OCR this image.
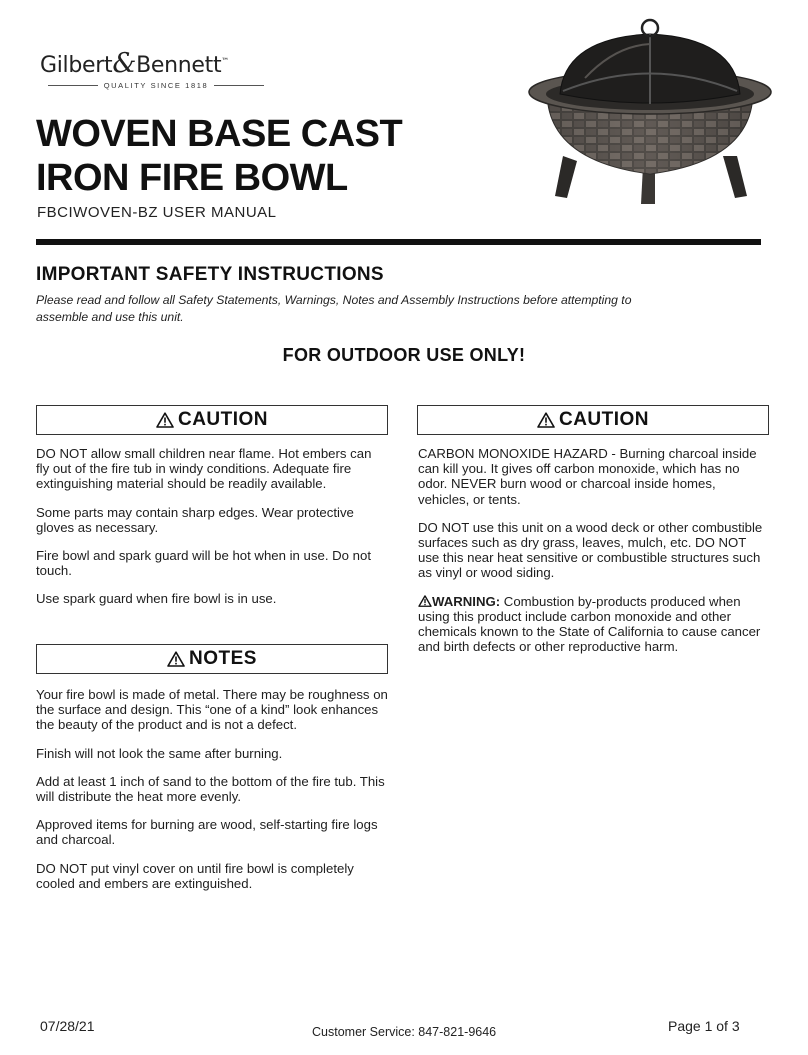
Gilbert&Bennett™
QUALITY SINCE 1818
WOVEN BASE CAST
IRON FIRE BOWL
FBCIWOVEN-BZ USER MANUAL
IMPORTANT SAFETY INSTRUCTIONS

Please read and follow all Safety Statements, Warnings, Notes and Assembly Instructions before attempting to assemble and use this unit.

FOR OUTDOOR USE ONLY!
CAUTION

DO NOT allow small children near flame. Hot embers can fly out of the fire tub in windy conditions. Adequate fire extinguishing material should be readily available.

Some parts may contain sharp edges. Wear protective gloves as necessary.

Fire bowl and spark guard will be hot when in use. Do not touch.

Use spark guard when fire bowl is in use.

NOTES

Your fire bowl is made of metal. There may be roughness on the surface and design. This “one of a kind” look enhances the beauty of the product and is not a defect.

Finish will not look the same after burning.

Add at least 1 inch of sand to the bottom of the fire tub. This will distribute the heat more evenly.

Approved items for burning are wood, self-starting fire logs and charcoal.

DO NOT put vinyl cover on until fire bowl is completely cooled and embers are extinguished.

CAUTION

CARBON MONOXIDE HAZARD - Burning charcoal inside can kill you. It gives off carbon monoxide, which has no odor. NEVER burn wood or charcoal inside homes, vehicles, or tents.

DO NOT use this unit on a wood deck or other combustible surfaces such as dry grass, leaves, mulch, etc. DO NOT use this near heat sensitive or combustible structures such as vinyl or wood siding.

WARNING: Combustion by-products produced when using this product include carbon monoxide and other chemicals known to the State of California to cause cancer and birth defects or other reproductive harm.

07/28/21	Customer Service: 847-821-9646	Page 1 of 3
